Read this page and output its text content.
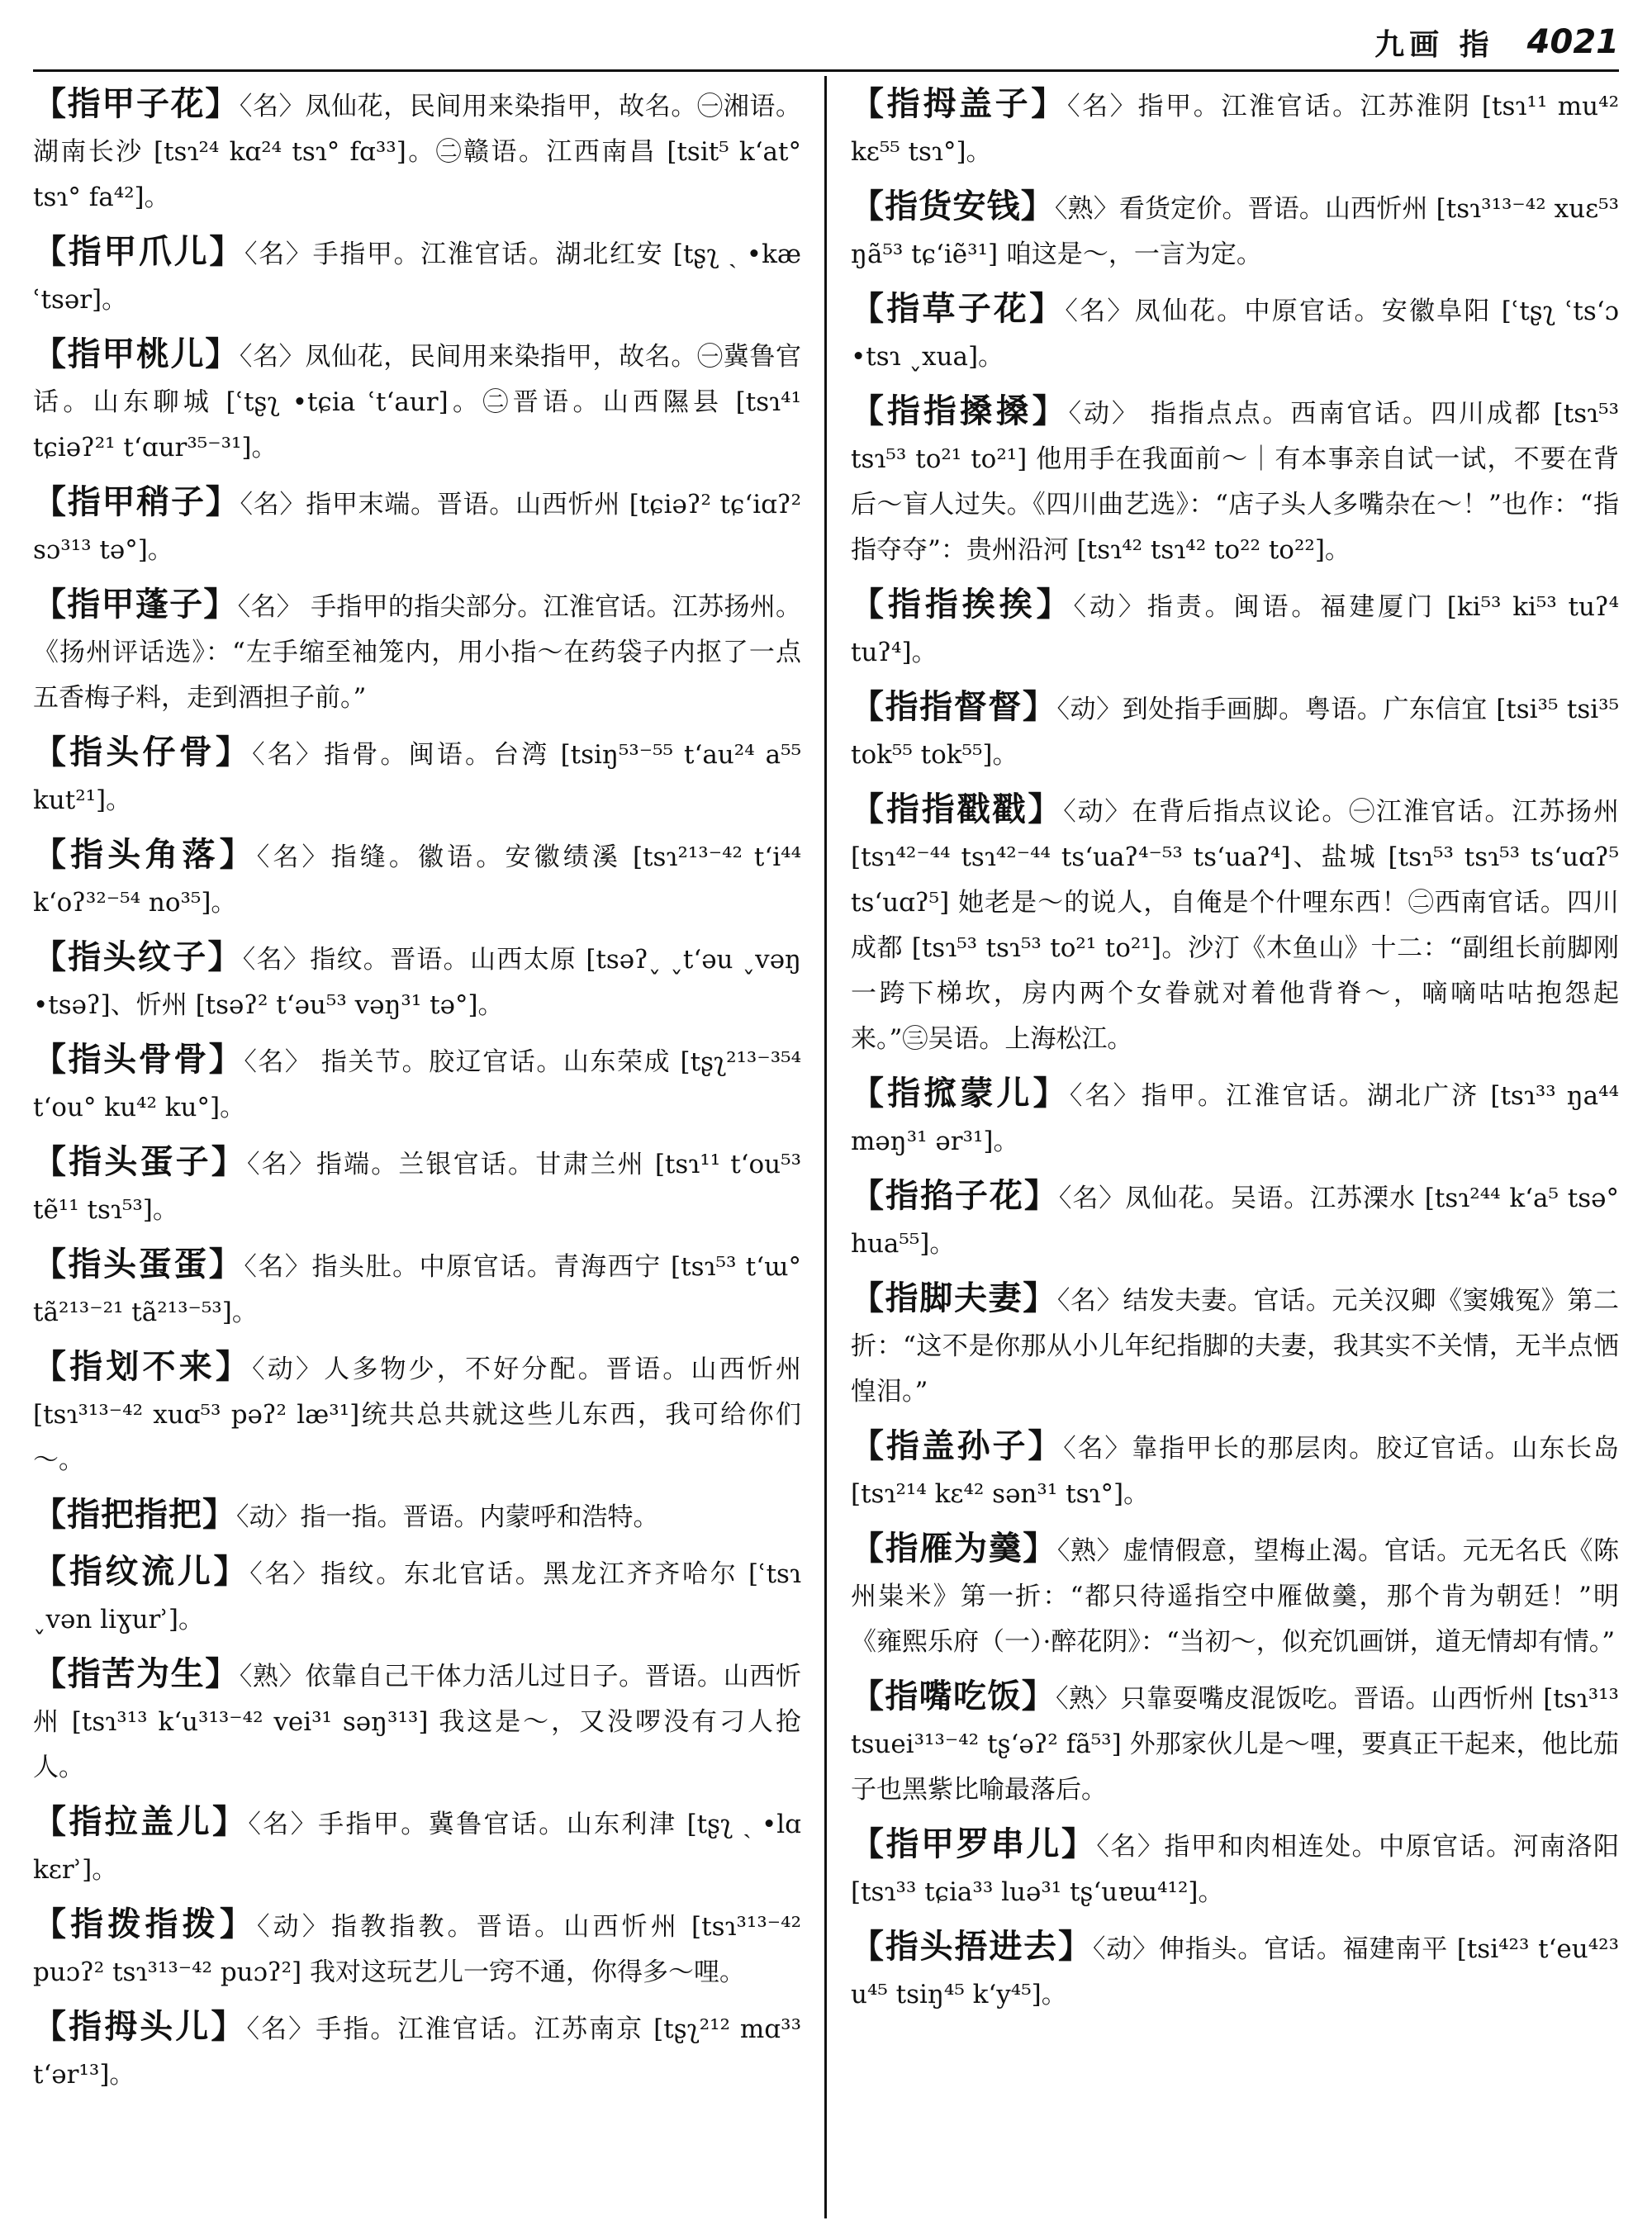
九画 指 4021
【指甲子花】〈名〉凤仙花，民间用来染指甲，故名。㊀湘语。湖南长沙 [tsɿ²⁴ kɑ²⁴ tsɿ° fɑ³³]。㊁赣语。江西南昌 [tsit⁵ k‘at° tsɿ° fa⁴²]。
【指甲爪儿】〈名〉手指甲。江淮官话。湖北红安 [tʂʅ ˏ •kæ ʿtsər]。
【指甲桃儿】〈名〉凤仙花，民间用来染指甲，故名。㊀冀鲁官话。山东聊城 [ʿtʂʅ •tɕia ʿt‘aur]。㊁晋语。山西隰县 [tsɿ⁴¹ tɕiəʔ²¹ t‘ɑur³⁵⁻³¹]。
【指甲稍子】〈名〉指甲末端。晋语。山西忻州 [tɕiəʔ² tɕ‘iɑʔ² sɔ³¹³ tə°]。
【指甲蓬子】〈名〉 手指甲的指尖部分。江淮官话。江苏扬州。《扬州评话选》：“左手缩至袖笼内，用小指～在药袋子内抠了一点五香梅子料，走到酒担子前。”
【指头仔骨】〈名〉指骨。闽语。台湾 [tsiŋ⁵³⁻⁵⁵ t‘au²⁴ a⁵⁵ kut²¹]。
【指头角落】〈名〉指缝。徽语。安徽绩溪 [tsɿ²¹³⁻⁴² t‘i⁴⁴ k‘oʔ³²⁻⁵⁴ no³⁵]。
【指头纹子】〈名〉指纹。晋语。山西太原 [tsəʔ˯ ˯t‘əu ˯vəŋ •tsəʔ]、忻州 [tsəʔ² t‘əu⁵³ vəŋ³¹ tə°]。
【指头骨骨】〈名〉 指关节。胶辽官话。山东荣成 [tʂʅ²¹³⁻³⁵⁴ t‘ou° ku⁴² ku°]。
【指头蛋子】〈名〉指端。兰银官话。甘肃兰州 [tsɿ¹¹ t‘ou⁵³ tẽ¹¹ tsɿ⁵³]。
【指头蛋蛋】〈名〉指头肚。中原官话。青海西宁 [tsɿ⁵³ t‘ɯ° tã²¹³⁻²¹ tã²¹³⁻⁵³]。
【指划不来】〈动〉人多物少，不好分配。晋语。山西忻州 [tsɿ³¹³⁻⁴² xuɑ⁵³ pəʔ² læ³¹]统共总共就这些儿东西，我可给你们～。
【指把指把】〈动〉指一指。晋语。内蒙呼和浩特。
【指纹流儿】〈名〉指纹。东北官话。黑龙江齐齐哈尔 [ʿtsɿ ˯vən liɣurʾ]。
【指苦为生】〈熟〉依靠自己干体力活儿过日子。晋语。山西忻州 [tsɿ³¹³ k‘u³¹³⁻⁴² vei³¹ səŋ³¹³] 我这是～，又没啰没有刁人抢人。
【指拉盖儿】〈名〉手指甲。冀鲁官话。山东利津 [tʂʅ ˏ •lɑ kɛrʾ]。
【指拨指拨】〈动〉指教指教。晋语。山西忻州 [tsɿ³¹³⁻⁴² puɔʔ² tsɿ³¹³⁻⁴² puɔʔ²] 我对这玩艺儿一窍不通，你得多～哩。
【指拇头儿】〈名〉手指。江淮官话。江苏南京 [tʂʅ²¹² mɑ³³ t‘ər¹³]。
【指拇盖子】〈名〉指甲。江淮官话。江苏淮阴 [tsɿ¹¹ mu⁴² kɛ⁵⁵ tsɿ°]。
【指货安钱】〈熟〉看货定价。晋语。山西忻州 [tsɿ³¹³⁻⁴² xuɛ⁵³ ŋã⁵³ tɕ‘iẽ³¹] 咱这是～，一言为定。
【指草子花】〈名〉凤仙花。中原官话。安徽阜阳 [ʿtʂʅ ʿts‘ɔ •tsɿ ˯xua]。
【指指搡搡】〈动〉 指指点点。西南官话。四川成都 [tsɿ⁵³ tsɿ⁵³ to²¹ to²¹] 他用手在我面前～｜有本事亲自试一试，不要在背后～盲人过失。《四川曲艺选》：“店子头人多嘴杂在～！”也作：“指指夺夺”：贵州沿河 [tsɿ⁴² tsɿ⁴² to²² to²²]。
【指指挨挨】〈动〉指责。闽语。福建厦门 [ki⁵³ ki⁵³ tuʔ⁴ tuʔ⁴]。
【指指督督】〈动〉到处指手画脚。粤语。广东信宜 [tsi³⁵ tsi³⁵ tok⁵⁵ tok⁵⁵]。
【指指戳戳】〈动〉在背后指点议论。㊀江淮官话。江苏扬州 [tsɿ⁴²⁻⁴⁴ tsɿ⁴²⁻⁴⁴ ts‘uaʔ⁴⁻⁵³ ts‘uaʔ⁴]、盐城 [tsɿ⁵³ tsɿ⁵³ ts‘uɑʔ⁵ ts‘uɑʔ⁵] 她老是～的说人，自俺是个什哩东西！㊁西南官话。四川成都 [tsɿ⁵³ tsɿ⁵³ to²¹ to²¹]。沙汀《木鱼山》十二：“副组长前脚刚一跨下梯坎，房内两个女眷就对着他背脊～，嘀嘀咕咕抱怨起来。”㊂吴语。上海松江。
【指搲蒙儿】〈名〉指甲。江淮官话。湖北广济 [tsɿ³³ ŋa⁴⁴ məŋ³¹ ər³¹]。
【指掐子花】〈名〉凤仙花。吴语。江苏溧水 [tsɿ²⁴⁴ k‘a⁵ tsə° hua⁵⁵]。
【指脚夫妻】〈名〉结发夫妻。官话。元关汉卿《窦娥冤》第二折：“这不是你那从小儿年纪指脚的夫妻，我其实不关情，无半点恓惶泪。”
【指盖孙子】〈名〉靠指甲长的那层肉。胶辽官话。山东长岛 [tsɿ²¹⁴ kɛ⁴² sən³¹ tsɿ°]。
【指雁为羹】〈熟〉虚情假意，望梅止渴。官话。元无名氏《陈州粜米》第一折：“都只待遥指空中雁做羹，那个肯为朝廷！”明《雍熙乐府（一）·醉花阴》：“当初～，似充饥画饼，道无情却有情。”
【指嘴吃饭】〈熟〉只靠耍嘴皮混饭吃。晋语。山西忻州 [tsɿ³¹³ tsuei³¹³⁻⁴² tʂ‘əʔ² fã⁵³] 外那家伙儿是～哩，要真正干起来，他比茄子也黑紫比喻最落后。
【指甲罗串儿】〈名〉指甲和肉相连处。中原官话。河南洛阳 [tsɿ³³ tɕia³³ luə³¹ tʂ‘uɐɯ⁴¹²]。
【指头捂进去】〈动〉伸指头。官话。福建南平 [tsi⁴²³ t‘eu⁴²³ u⁴⁵ tsiŋ⁴⁵ k‘y⁴⁵]。
